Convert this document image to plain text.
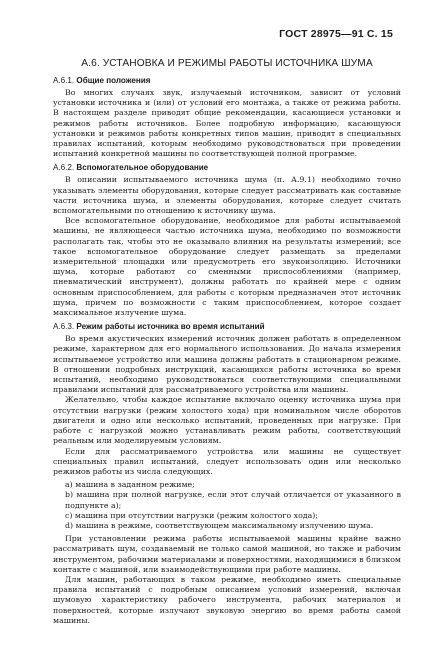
ГОСТ 28975—91 С. 15
А.6. УСТАНОВКА И РЕЖИМЫ РАБОТЫ ИСТОЧНИКА ШУМА
А.6.1. Общие положения

Во многих случаях звук, излучаемый источником, зависит от условий установки источника и (или) от условий его монтажа, а также от режима работы. В настоящем разделе приводят общие рекомендации, касающиеся установки и режимов работы источников. Более подробную информацию, касающуюся установки и режимов работы конкретных типов машин, приводят в специальных правилах испытаний, которым необходимо руководствоваться при проведении испытаний конкретной машины по соответствующей полной программе.

А.6.2. Вспомогательное оборудование

В описании испытываемого источника шума (п. А.9.1) необходимо точно указывать элементы оборудования, которые следует рассматривать как составные части источника шума, и элементы оборудования, которые следует считать вспомогательными по отношению к источнику шума.

Все вспомогательное оборудование, необходимое для работы испытываемой машины, не являющееся частью источника шума, необходимо по возможности располагать так, чтобы это не оказывало влияния на результаты измерений; все такое вспомогательное оборудование следует размещать за пределами измерительной площадки или предусмотреть его звукоизоляцию. Источники шума, которые работают со сменными приспособлениями (например, пневматический инструмент), должны работать по крайней мере с одним основным приспособлением, для работы с которым предназначен этот источник шума, причем по возможности с таким приспособлением, которое создает максимальное излучение шума.

А.6.3. Режим работы источника во время испытаний

Во время акустических измерений источник должен работать в определенном режиме, характерном для его нормального использования. До начала измерения испытываемое устройство или машина должны работать в стационарном режиме. В отношении подробных инструкций, касающихся работы источника во время испытаний, необходимо руководствоваться соответствующими специальными правилами испытаний для рассматриваемого устройства или машины.

Желательно, чтобы каждое испытание включало оценку источника шума при отсутствии нагрузки (режим холостого хода) при номинальном числе оборотов двигателя и одно или несколько испытаний, проведенных при нагрузке. При работе с нагрузкой можно устанавливать режим работы, соответствующий реальным или моделируемым условиям.

Если для рассматриваемого устройства или машины не существует специальных правил испытаний, следует использовать один или несколько режимов работы из числа следующих.

а) машина в заданном режиме;
b) машина при полной нагрузке, если этот случай отличается от указанного в подпункте а);
с) машина при отсутствии нагрузки (режим холостого хода);
d) машина в режиме, соответствующем максимальному излучению шума.

При установлении режима работы испытываемой машины крайне важно рассматривать шум, создаваемый не только самой машиной, но также и рабочим инструментом, рабочими материалами и поверхностями, находящимися в близком контакте с машиной, или взаимодействующими при работе машины.

Для машин, работающих в таком режиме, необходимо иметь специальные правила испытаний с подробным описанием условий измерений, включая шумовую характеристику рабочего инструмента, рабочих материалов и поверхностей, которые излучают звуковую энергию во время работы самой машины.
